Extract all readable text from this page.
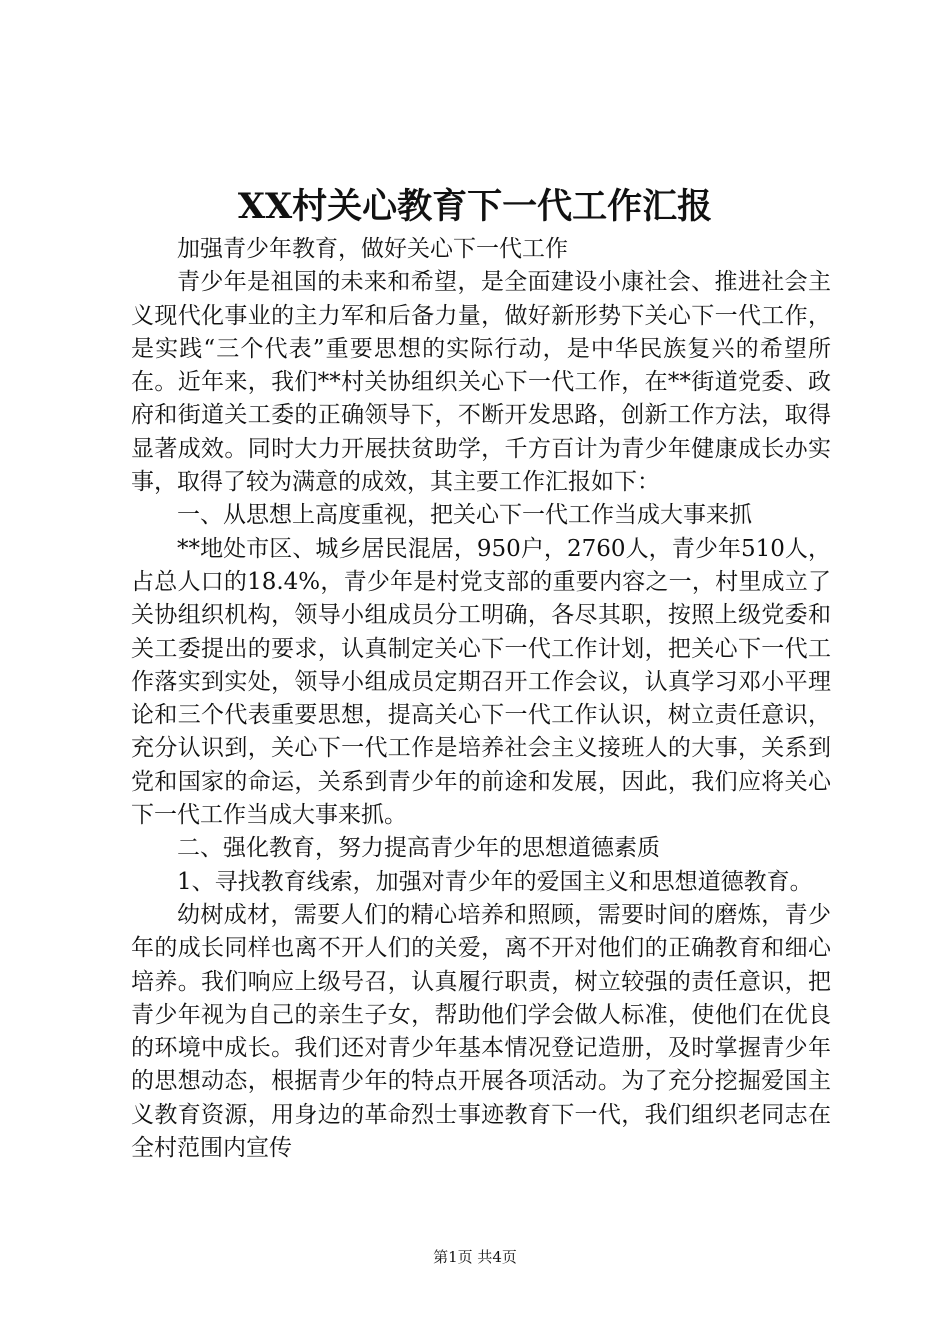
XX村关心教育下一代工作汇报

加强青少年教育，做好关心下一代工作

青少年是祖国的未来和希望，是全面建设小康社会、推进社会主义现代化事业的主力军和后备力量，做好新形势下关心下一代工作，是实践“三个代表”重要思想的实际行动，是中华民族复兴的希望所在。近年来，我们**村关协组织关心下一代工作，在**街道党委、政府和街道关工委的正确领导下，不断开发思路，创新工作方法，取得显著成效。同时大力开展扶贫助学，千方百计为青少年健康成长办实事，取得了较为满意的成效，其主要工作汇报如下：

一、从思想上高度重视，把关心下一代工作当成大事来抓

**地处市区、城乡居民混居，950户，2760人，青少年510人，占总人口的18.4%，青少年是村党支部的重要内容之一，村里成立了关协组织机构，领导小组成员分工明确，各尽其职，按照上级党委和关工委提出的要求，认真制定关心下一代工作计划，把关心下一代工作落实到实处，领导小组成员定期召开工作会议，认真学习邓小平理论和三个代表重要思想，提高关心下一代工作认识，树立责任意识，充分认识到，关心下一代工作是培养社会主义接班人的大事，关系到党和国家的命运，关系到青少年的前途和发展，因此，我们应将关心下一代工作当成大事来抓。

二、强化教育，努力提高青少年的思想道德素质

1、寻找教育线索，加强对青少年的爱国主义和思想道德教育。

幼树成材，需要人们的精心培养和照顾，需要时间的磨炼，青少年的成长同样也离不开人们的关爱，离不开对他们的正确教育和细心培养。我们响应上级号召，认真履行职责，树立较强的责任意识，把青少年视为自己的亲生子女，帮助他们学会做人标准，使他们在优良的环境中成长。我们还对青少年基本情况登记造册，及时掌握青少年的思想动态，根据青少年的特点开展各项活动。为了充分挖掘爱国主义教育资源，用身边的革命烈士事迹教育下一代，我们组织老同志在全村范围内宣传

第1页 共4页
